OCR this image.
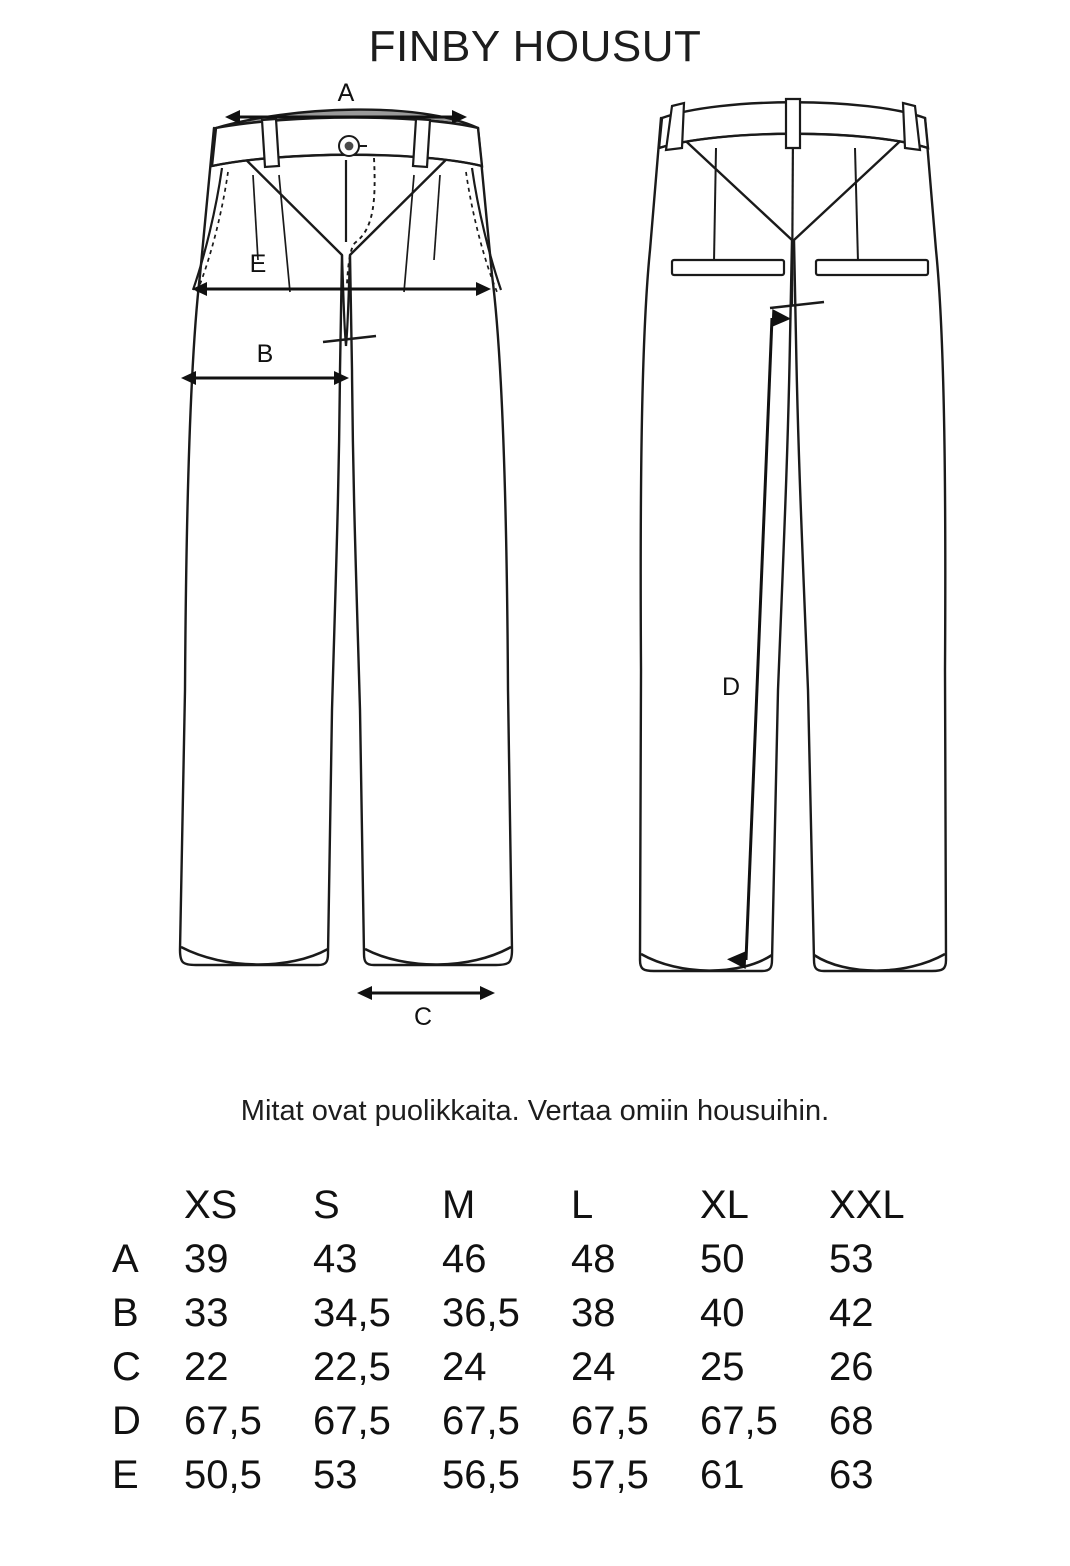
FINBY HOUSUT
A
E
B
C
D
Mitat ovat puolikkaita. Vertaa omiin housuihin.
	XS	S	M	L	XL	XXL
A	39	43	46	48	50	53
B	33	34,5	36,5	38	40	42
C	22	22,5	24	24	25	26
D	67,5	67,5	67,5	67,5	67,5	68
E	50,5	53	56,5	57,5	61	63
